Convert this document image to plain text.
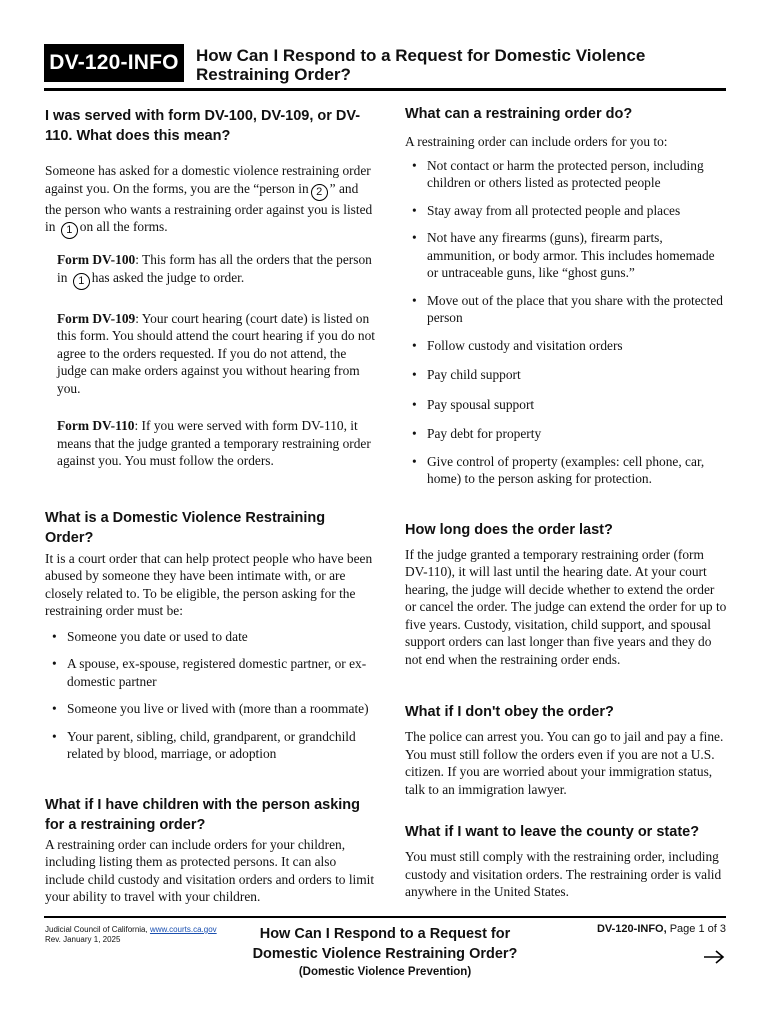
DV-120-INFO	How Can I Respond to a Request for Domestic Violence Restraining Order?
I was served with form DV-100, DV-109, or DV-110. What does this mean?

Someone has asked for a domestic violence restraining order against you. On the forms, you are the “person in 2 ” and the person who wants a restraining order against you is listed in 1 on all the forms.

Form DV-100: This form has all the orders that the person in 1 has asked the judge to order.

Form DV-109: Your court hearing (court date) is listed on this form. You should attend the court hearing if you do not agree to the orders requested. If you do not attend, the judge can make orders against you without hearing from you.

Form DV-110: If you were served with form DV-110, it means that the judge granted a temporary restraining order against you. You must follow the orders.

What is a Domestic Violence Restraining Order?

It is a court order that can help protect people who have been abused by someone they have been intimate with, or are closely related to. To be eligible, the person asking for the restraining order must be:

• Someone you date or used to date
• A spouse, ex-spouse, registered domestic partner, or ex-domestic partner
• Someone you live or lived with (more than a roommate)
• Your parent, sibling, child, grandparent, or grandchild related by blood, marriage, or adoption
What if I have children with the person asking for a restraining order?

A restraining order can include orders for your children, including listing them as protected persons. It can also include child custody and visitation orders and orders to limit your ability to travel with your children.

What can a restraining order do?

A restraining order can include orders for you to:

• Not contact or harm the protected person, including children or others listed as protected people
• Stay away from all protected people and places
• Not have any firearms (guns), firearm parts, ammunition, or body armor. This includes homemade or untraceable guns, like “ghost guns.”
• Move out of the place that you share with the protected person
• Follow custody and visitation orders
• Pay child support
• Pay spousal support
• Pay debt for property
• Give control of property (examples: cell phone, car, home) to the person asking for protection.
How long does the order last?

If the judge granted a temporary restraining order (form DV-110), it will last until the hearing date. At your court hearing, the judge will decide whether to extend the order or cancel the order. The judge can extend the order for up to five years. Custody, visitation, child support, and spousal support orders can last longer than five years and they do not end when the restraining order ends.

What if I don't obey the order?

The police can arrest you. You can go to jail and pay a fine. You must still follow the orders even if you are not a U.S. citizen. If you are worried about your immigration status, talk to an immigration lawyer.

What if I want to leave the county or state?

You must still comply with the restraining order, including custody and visitation orders. The restraining order is valid anywhere in the United States.

Judicial Council of California, www.courts.ca.gov
Rev. January 1, 2025	How Can I Respond to a Request for
Domestic Violence Restraining Order?
(Domestic Violence Prevention)
DV-120-INFO, Page 1 of 3
